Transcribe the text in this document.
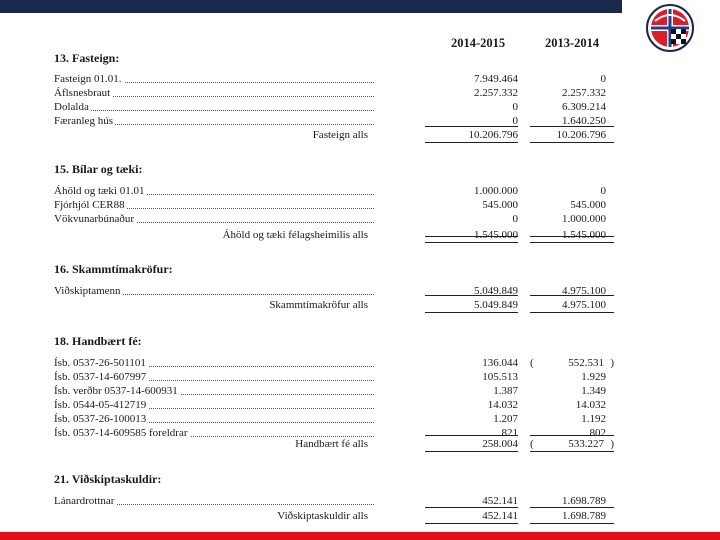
2014-2015	2013-2014
13. Fasteign:
Fasteign 01.01.	7.949.464	0
Áflsnesbraut	2.257.332	2.257.332
Dolalda	0	6.309.214
Færanleg hús	0	1.640.250
Fasteign alls	10.206.796	10.206.796
15. Bílar og tæki:
Áhöld og tæki 01.01	1.000.000	0
Fjórhjól CER88	545.000	545.000
Vökvunarbúnaður	0	1.000.000
Áhöld og tæki félagsheimilis alls	1.545.000	1.545.000
16. Skammtímakröfur:
Viðskiptamenn	5.049.849	4.975.100
Skammtímakröfur alls	5.049.849	4.975.100
18. Handbært fé:
Ísb. 0537-26-501101	136.044 (	552.531 )
Ísb. 0537-14-607997	105.513	1.929
Ísb. verðbr 0537-14-600931	1.387	1.349
Ísb. 0544-05-412719	14.032	14.032
Ísb. 0537-26-100013	1.207	1.192
Ísb. 0537-14-609585 foreldrar	821	802
Handbært fé alls	258.004 (	533.227 )
21. Viðskiptaskuldir:
Lánardrottnar	452.141	1.698.789
Viðskiptaskuldir alls	452.141	1.698.789
